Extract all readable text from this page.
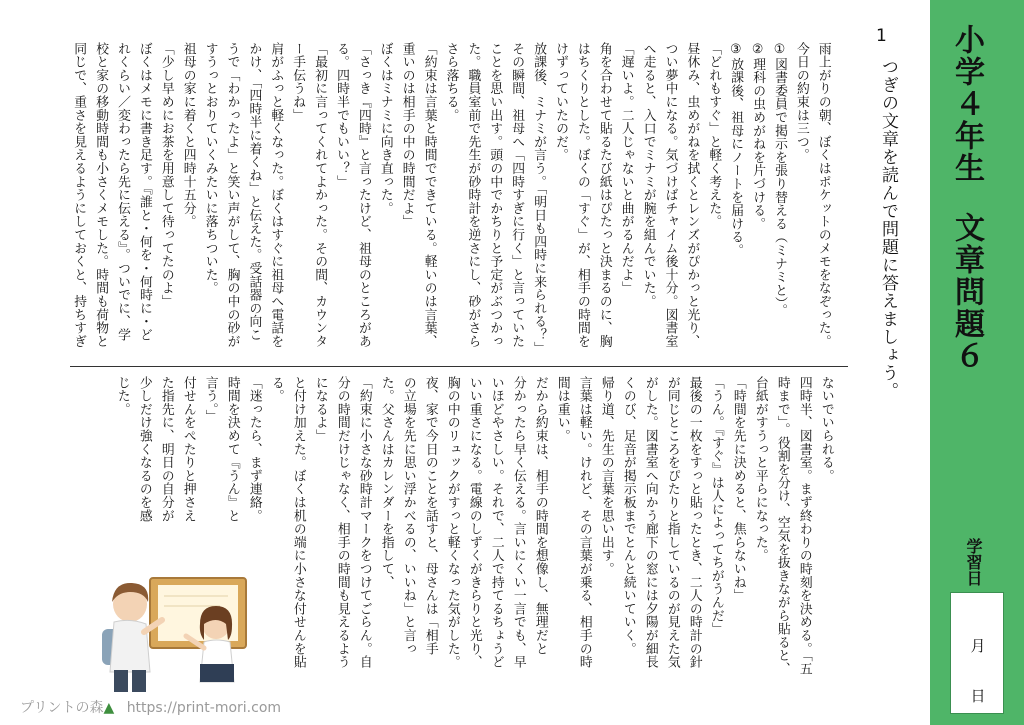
小学４年生文章問題６
学習日
月
日
1
つぎの文章を読んで問題に答えましょう。
雨上がりの朝、ぼくはポケットのメモをなぞった。
今日の約束は三つ。
①図書委員で掲示を張り替える（ミナミと）。
②理科の虫めがねを片づける。
③放課後、祖母にノートを届ける。
「どれもすぐ」と軽く考えた。
昼休み、虫めがねを拭くとレンズがぴかっと光り、
つい夢中になる。気づけばチャイム後十分。図書室
へ走ると、入口でミナミが腕を組んでいた。
「遅いよ。二人じゃないと曲がるんだよ」
角を合わせて貼るたび紙はぴたっと決まるのに、胸
はちくりとした。ぼくの「すぐ」が、相手の時間を
けずっていたのだ。
放課後、ミナミが言う。「明日も四時に来られる？」
その瞬間、祖母へ「四時すぎに行く」と言っていた
ことを思い出す。頭の中でかちりと予定がぶつかっ
た。職員室前で先生が砂時計を逆さにし、砂がさら
さら落ちる。
「約束は言葉と時間でできている。軽いのは言葉、
重いのは相手の中の時間だよ」
ぼくはミナミに向き直った。
「さっき『四時』と言ったけど、祖母のところがあ
る。四時半でもいい？」
「最初に言ってくれてよかった。その間、カウンタ
ー手伝うね」
肩がふっと軽くなった。ぼくはすぐに祖母へ電話を
かけ、「四時半に着くね」と伝えた。受話器の向こ
うで「わかったよ」と笑い声がして、胸の中の砂が
すうっとおりていくみたいに落ちついた。
祖母の家に着くと四時十五分。
「少し早めにお茶を用意して待ってたのよ」
ぼくはメモに書き足す。『誰と・何を・何時に・ど
れくらい／変わったら先に伝える』。ついでに、学
校と家の移動時間も小さくメモした。時間も荷物と
同じで、重さを見えるようにしておくと、持ちすぎ
ないでいられる。
四時半、図書室。まず終わりの時刻を決める。「五
時まで」。役割を分け、空気を抜きながら貼ると、
台紙がすうっと平らになった。
「時間を先に決めると、焦らないね」
「うん。『すぐ』は人によってちがうんだ」
最後の一枚をすっと貼ったとき、二人の時計の針
が同じところをぴたりと指しているのが見えた気
がした。図書室へ向かう廊下の窓には夕陽が細長
くのび、足音が掲示板までとんと続いていく。
帰り道、先生の言葉を思い出す。
言葉は軽い。けれど、その言葉が乗る、相手の時
間は重い。
だから約束は、相手の時間を想像し、無理だと
分かったら早く伝える。言いにくい一言でも、早
いほどやさしい。それで、二人で持てるちょうど
いい重さになる。電線のしずくがきらりと光り、
胸の中のリュックがすっと軽くなった気がした。
夜、家で今日のことを話すと、母さんは「相手
の立場を先に思い浮かべるの、いいね」と言っ
た。父さんはカレンダーを指して、
「約束に小さな砂時計マークをつけてごらん。自
分の時間だけじゃなく、相手の時間も見えるよう
になるよ」
と付け加えた。ぼくは机の端に小さな付せんを貼
る。
「迷ったら、まず連絡。
時間を決めて『うん』と
言う。」
付せんをぺたりと押さえ
た指先に、明日の自分が
少しだけ強くなるのを感
じた。
プリントの森▲ https://print-mori.com
